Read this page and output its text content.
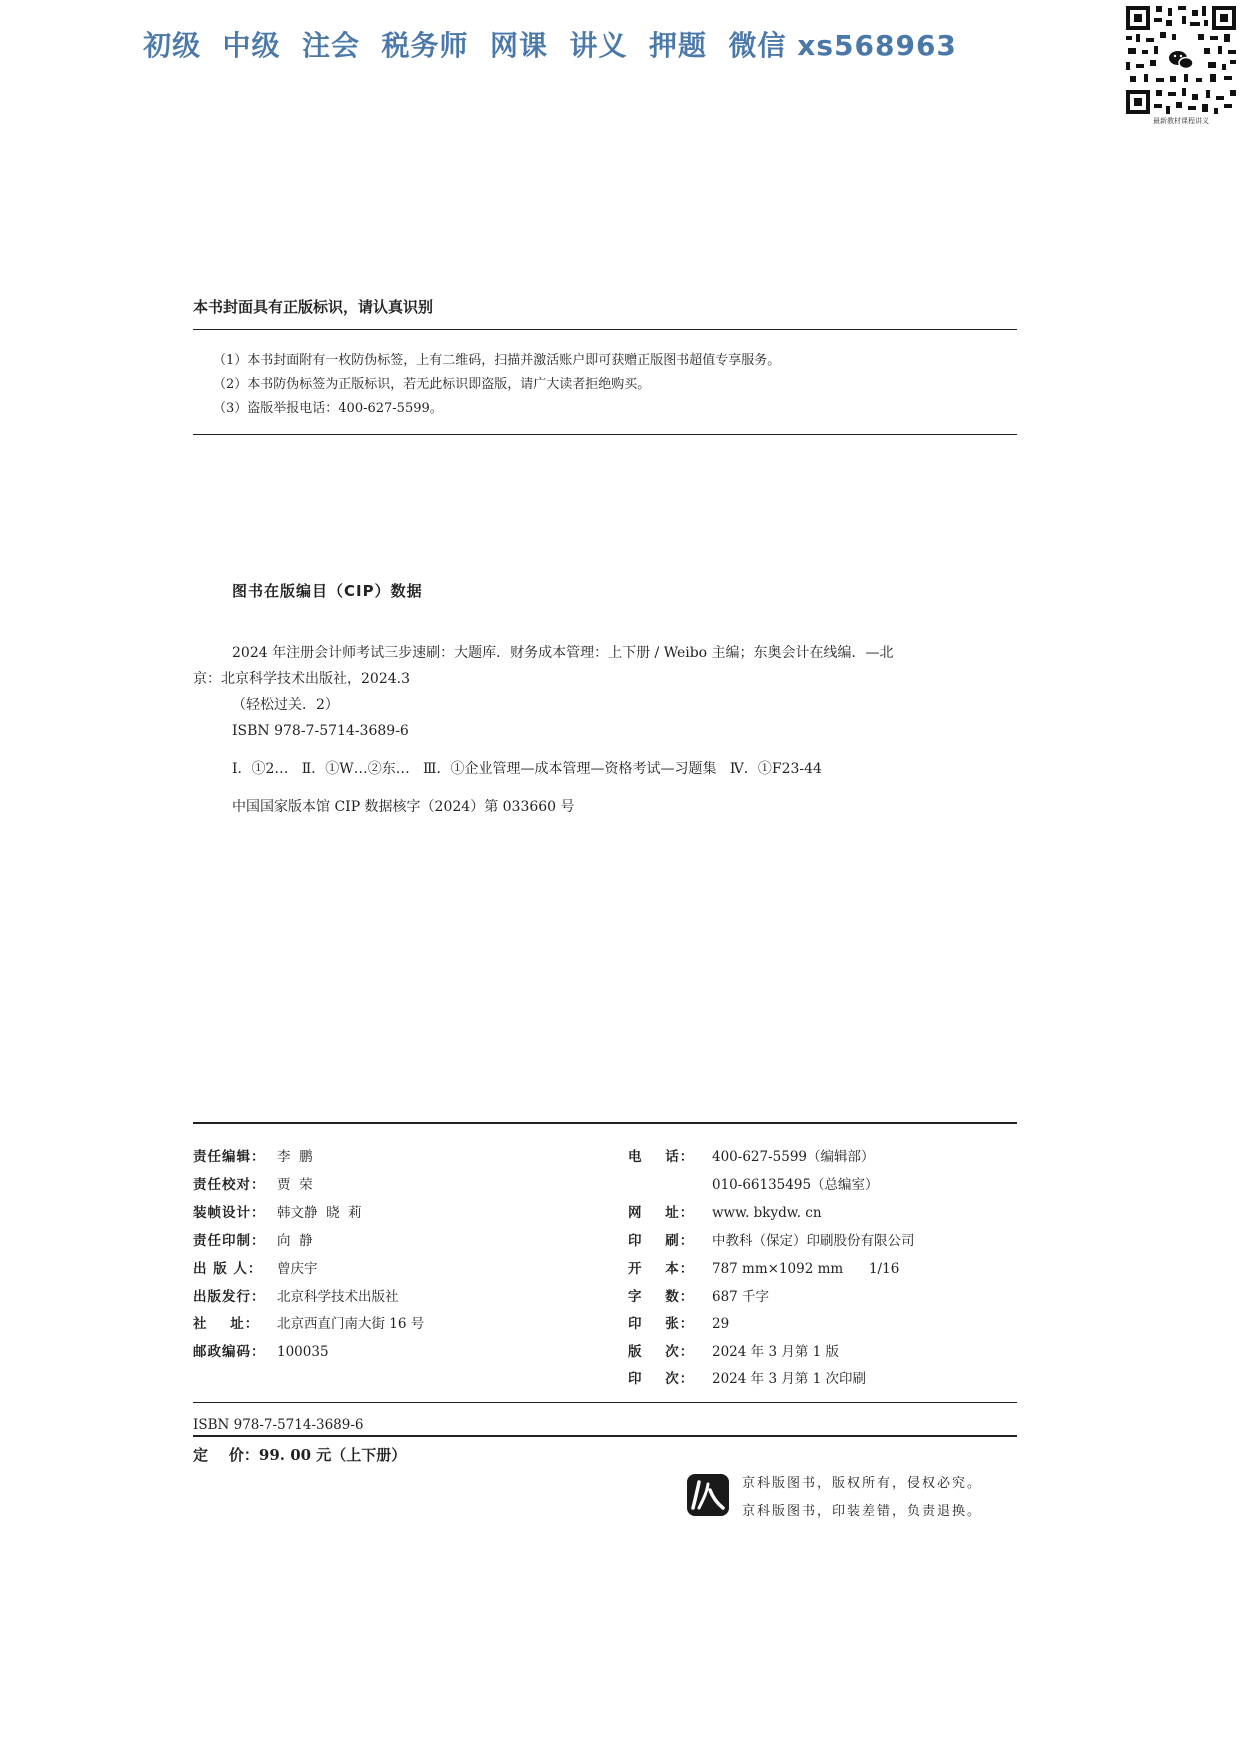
初级  中级  注会  税务师  网课  讲义  押题  微信 xs568963
最新教材课程讲义
本书封面具有正版标识，请认真识别
（1）本书封面附有一枚防伪标签，上有二维码，扫描并激活账户即可获赠正版图书超值专享服务。
（2）本书防伪标签为正版标识，若无此标识即盗版，请广大读者拒绝购买。
（3）盗版举报电话：400-627-5599。
图书在版编目（CIP）数据

2024 年注册会计师考试三步速刷：大题库．财务成本管理：上下册 / Weibo 主编；东奥会计在线编．—北

京：北京科学技术出版社，2024.3

（轻松过关．2）

ISBN 978-7-5714-3689-6

Ⅰ．①2…   Ⅱ．①W…②东…   Ⅲ．①企业管理—成本管理—资格考试—习题集   Ⅳ．①F23-44

中国国家版本馆 CIP 数据核字（2024）第 033660 号

责任编辑： 李  鹏
责任校对： 贾  荣
装帧设计： 韩文静  晓  莉
责任印制： 向  静
出 版 人： 曾庆宇
出版发行： 北京科学技术出版社
社    址： 北京西直门南大街 16 号
邮政编码： 100035
电    话： 400-627-5599（编辑部）
010-66135495（总编室）
网    址： www. bkydw. cn
印    刷： 中教科（保定）印刷股份有限公司
开    本： 787 mm×1092 mm      1/16
字    数： 687 千字
印    张： 29
版    次： 2024 年 3 月第 1 版
印    次： 2024 年 3 月第 1 次印刷
ISBN 978-7-5714-3689-6
定    价：99. 00 元（上下册）
京科版图书，版权所有，侵权必究。
京科版图书，印装差错，负责退换。
